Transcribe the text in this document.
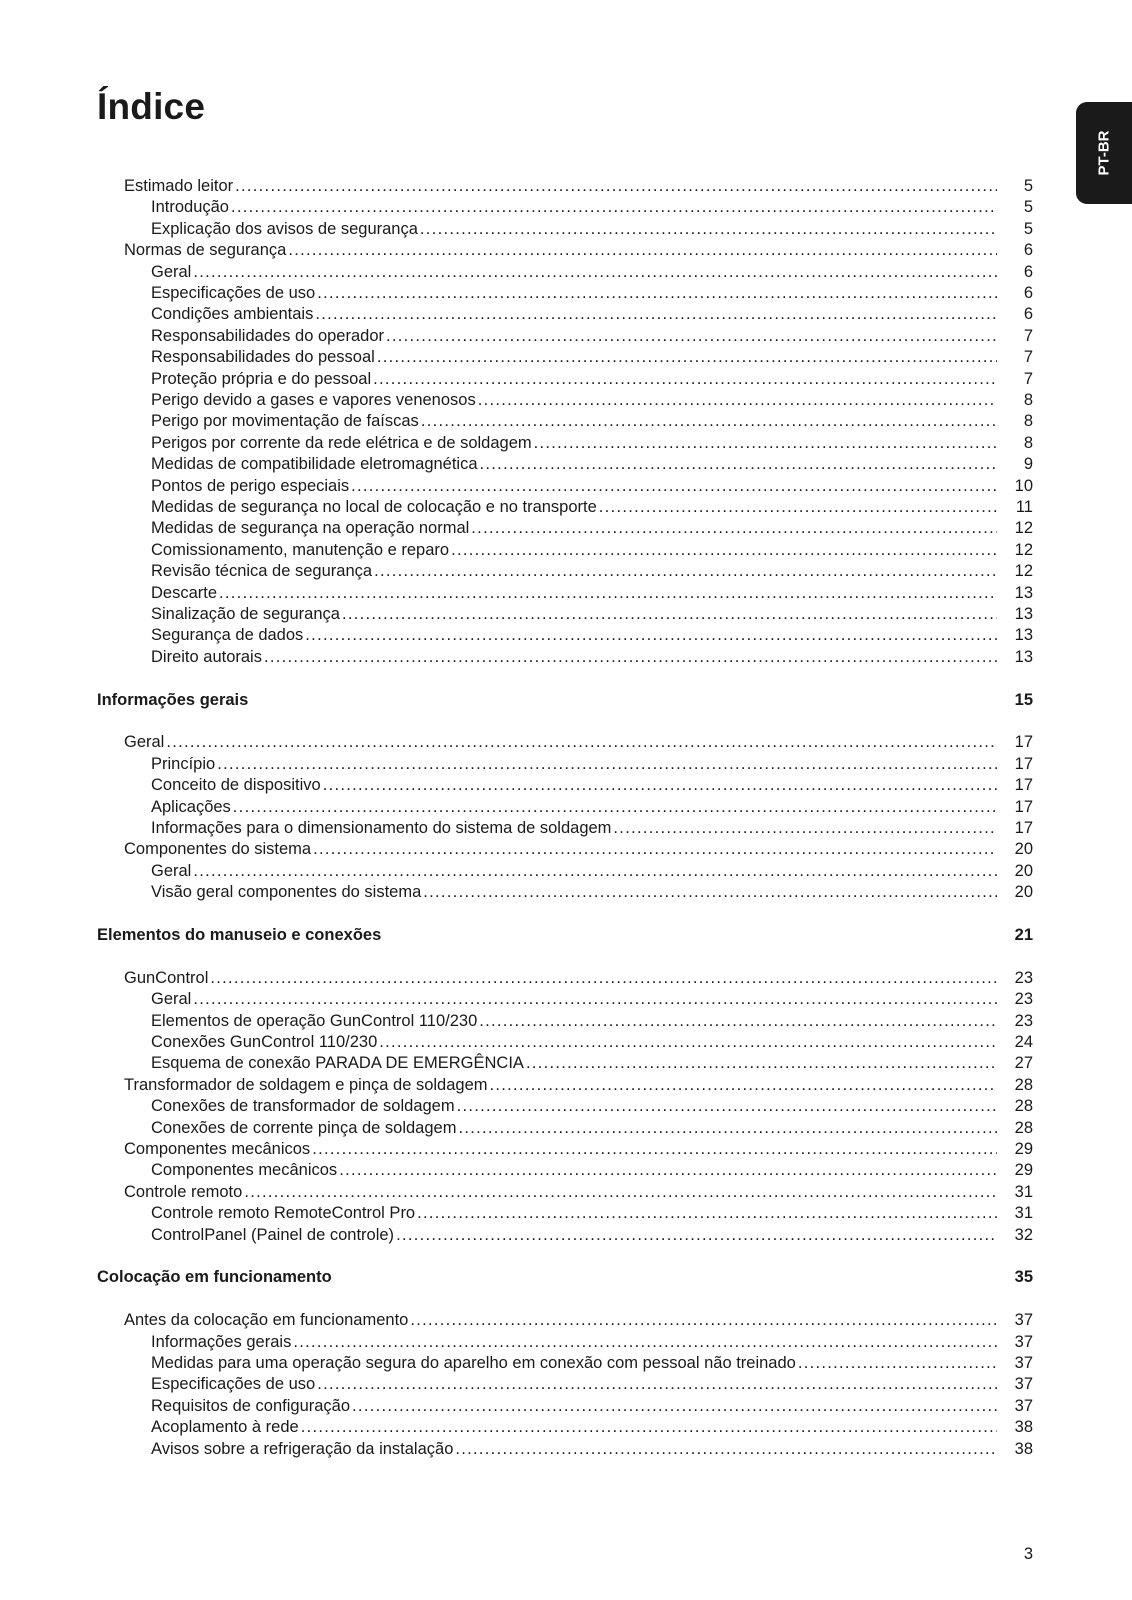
Índice
PT-BR
Estimado leitor .....	5
Introdução .....	5
Explicação dos avisos de segurança .....	5
Normas de segurança .....	6
Geral .....	6
Especificações de uso .....	6
Condições ambientais .....	6
Responsabilidades do operador .....	7
Responsabilidades do pessoal .....	7
Proteção própria e do pessoal .....	7
Perigo devido a gases e vapores venenosos .....	8
Perigo por movimentação de faíscas .....	8
Perigos por corrente da rede elétrica e de soldagem .....	8
Medidas de compatibilidade eletromagnética .....	9
Pontos de perigo especiais .....	10
Medidas de segurança no local de colocação e no transporte .....	11
Medidas de segurança na operação normal .....	12
Comissionamento, manutenção e reparo .....	12
Revisão técnica de segurança .....	12
Descarte .....	13
Sinalização de segurança .....	13
Segurança de dados .....	13
Direito autorais .....	13
Informações gerais	15
Geral .....	17
Princípio .....	17
Conceito de dispositivo .....	17
Aplicações .....	17
Informações para o dimensionamento do sistema de soldagem .....	17
Componentes do sistema .....	20
Geral .....	20
Visão geral componentes do sistema .....	20
Elementos do manuseio e conexões	21
GunControl .....	23
Geral .....	23
Elementos de operação GunControl 110/230 .....	23
Conexões GunControl 110/230 .....	24
Esquema de conexão PARADA DE EMERGÊNCIA .....	27
Transformador de soldagem e pinça de soldagem .....	28
Conexões de transformador de soldagem .....	28
Conexões de corrente pinça de soldagem .....	28
Componentes mecânicos .....	29
Componentes mecânicos .....	29
Controle remoto .....	31
Controle remoto RemoteControl Pro .....	31
ControlPanel (Painel de controle) .....	32
Colocação em funcionamento	35
Antes da colocação em funcionamento .....	37
Informações gerais .....	37
Medidas para uma operação segura do aparelho em conexão com pessoal não treinado .....	37
Especificações de uso .....	37
Requisitos de configuração .....	37
Acoplamento à rede .....	38
Avisos sobre a refrigeração da instalação .....	38
3
